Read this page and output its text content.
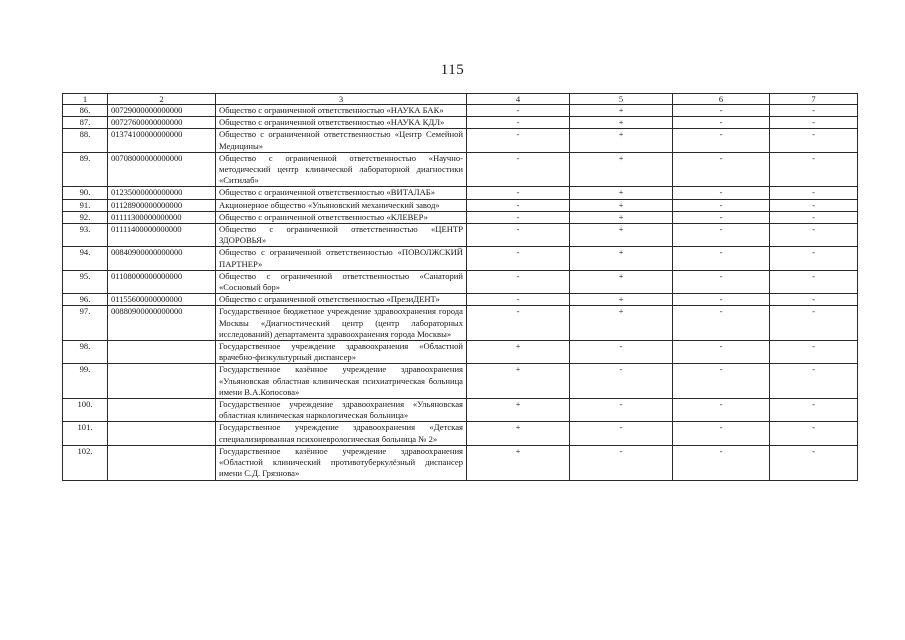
115
1	2	3	4	5	6	7
86.	00729000000000000	Общество с ограниченной ответственностью «НАУКА БАК»	-	+	-	-
87.	00727600000000000	Общество с ограниченной ответственностью «НАУКА КДЛ»	-	+	-	-
88.	01374100000000000	Общество с ограниченной ответственностью «Центр Семейной Медицины»	-	+	-	-
89.	00708000000000000	Общество с ограниченной ответственностью «Научно-методический центр клинической лабораторной диагностики «Ситилаб»	-	+	-	-
90.	01235000000000000	Общество с ограниченной ответственностью «ВИТАЛАБ»	-	+	-	-
91.	01128900000000000	Акционерное общество «Ульяновский механический завод»	-	+	-	-
92.	01111300000000000	Общество с ограниченной ответственностью «КЛЕВЕР»	-	+	-	-
93.	01111400000000000	Общество с ограниченной ответственностью «ЦЕНТР ЗДОРОВЬЯ»	-	+	-	-
94.	00840900000000000	Общество с ограниченной ответственностью «ПОВОЛЖСКИЙ ПАРТНЕР»	-	+	-	-
95.	01108000000000000	Общество с ограниченной ответственностью «Санаторий «Сосновый бор»	-	+	-	-
96.	01155600000000000	Общество с ограниченной ответственностью «ПрезиДЕНТ»	-	+	-	-
97.	00880900000000000	Государственное бюджетное учреждение здравоохранения города Москвы «Диагностический центр (центр лабораторных исследований) департамента здравоохранения города Москвы»	-	+	-	-
98.		Государственное учреждение здравоохранения «Областной врачебно-физкультурный диспансер»	+	-	-	-
99.		Государственное казённое учреждение здравоохранения «Ульяновская областная клиническая психиатрическая больница имени В.А.Копосова»	+	-	-	-
100.		Государственное учреждение здравоохранения «Ульяновская областная клиническая наркологическая больница»	+	-	-	-
101.		Государственное учреждение здравоохранения «Детская специализированная психоневрологическая больница № 2»	+	-	-	-
102.		Государственное казённое учреждение здравоохранения «Областной клинический противотуберкулёзный диспансер имени С.Д. Грязнова»	+	-	-	-
